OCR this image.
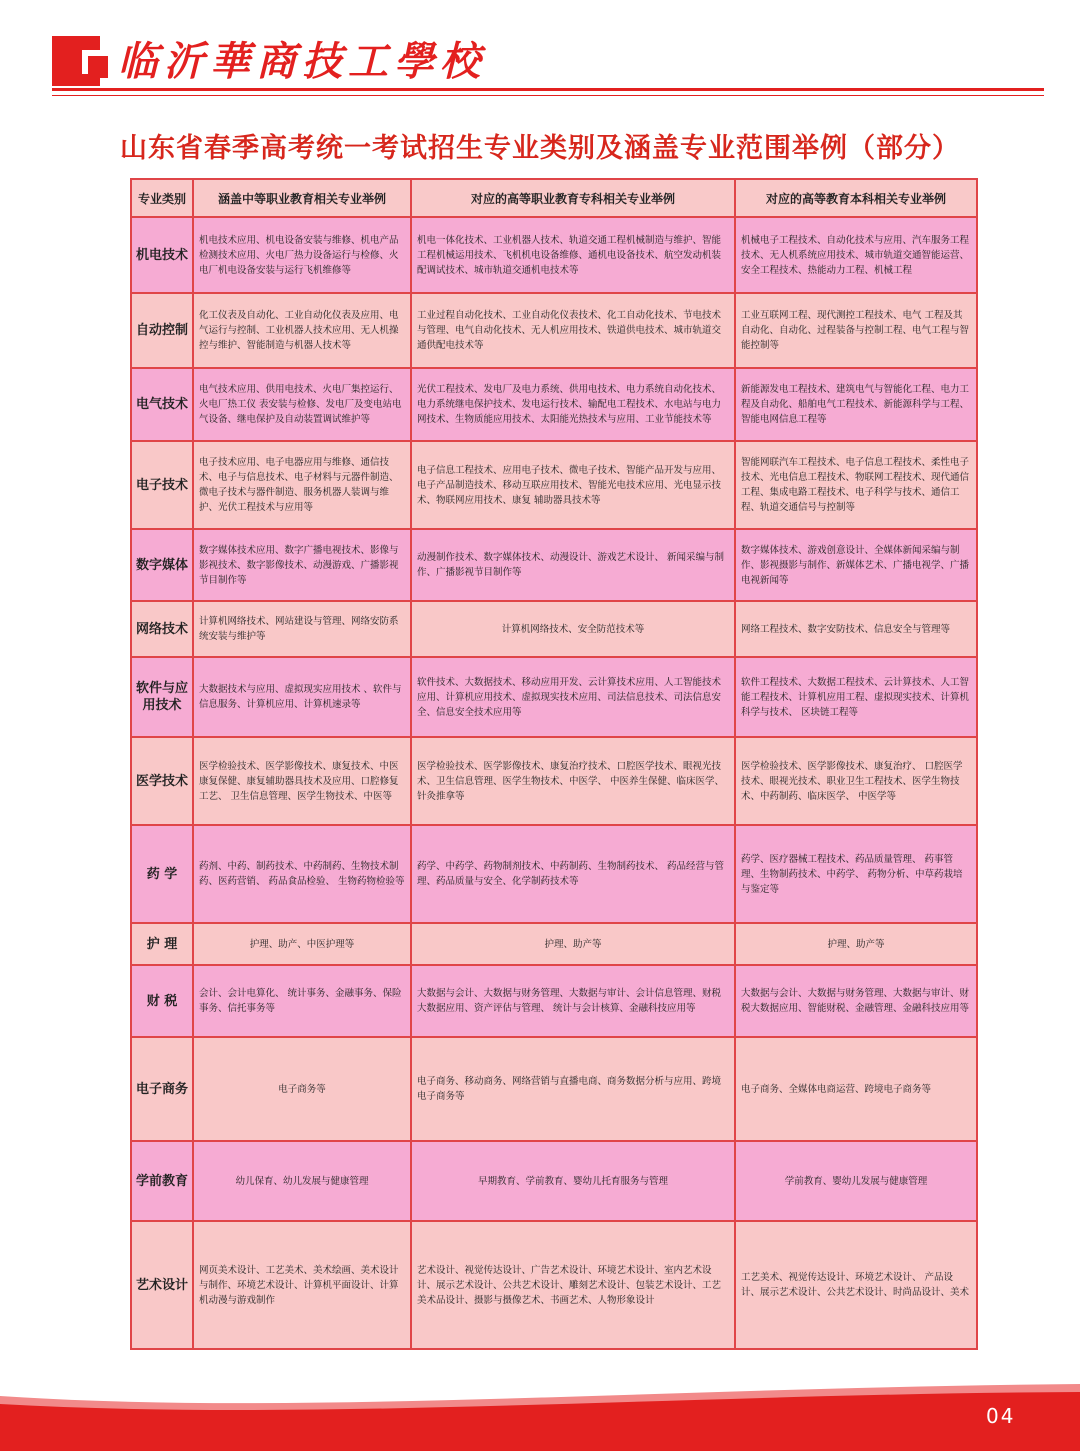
临沂華商技工學校
山东省春季高考统一考试招生专业类别及涵盖专业范围举例（部分）
专业类别	涵盖中等职业教育相关专业举例	对应的高等职业教育专科相关专业举例	对应的高等教育本科相关专业举例
机电技术	机电技术应用、机电设备安装与维修、机电产品检测技术应用、火电厂热力设备运行与检修、火电厂机电设备安装与运行飞机维修等	机电一体化技术、工业机器人技术、轨道交通工程机械制造与维护、智能工程机械运用技术、飞机机电设备维修、通机电设备技术、航空发动机装配调试技术、城市轨道交通机电技术等	机械电子工程技术、自动化技术与应用、汽车服务工程技术、无人机系统应用技术、城市轨道交通智能运营、安全工程技术、热能动力工程、机械工程
自动控制	化工仪表及自动化、工业自动化仪表及应用、电气运行与控制、工业机器人技术应用、无人机操控与维护、智能制造与机器人技术等	工业过程自动化技术、工业自动化仪表技术、化工自动化技术、节电技术与管理、电气自动化技术、无人机应用技术、铁道供电技术、城市轨道交通供配电技术等	工业互联网工程、现代测控工程技术、电气 工程及其自动化、自动化、过程装备与控制工程、电气工程与智能控制等
电气技术	电气技术应用、供用电技术、火电厂集控运行、火电厂热工仪 表安装与检修、发电厂及变电站电气设备、继电保护及自动装置调试维护等	光伏工程技术、发电厂及电力系统、供用电技术、电力系统自动化技术、电力系统继电保护技术、发电运行技术、输配电工程技术、水电站与电力网技术、生物质能应用技术、太阳能光热技术与应用、工业节能技术等	新能源发电工程技术、建筑电气与智能化工程、电力工程及自动化、船舶电气工程技术、新能源科学与工程、智能电网信息工程等
电子技术	电子技术应用、电子电器应用与维修、通信技术、电子与信息技术、电子材料与元器件制造、微电子技术与器件制造、服务机器人装调与维护、光伏工程技术与应用等	电子信息工程技术、应用电子技术、微电子技术、智能产品开发与应用、电子产品制造技术、移动互联应用技术、智能光电技术应用、光电显示技术、物联网应用技术、康复 辅助器具技术等	智能网联汽车工程技术、电子信息工程技术、柔性电子技术、光电信息工程技术、物联网工程技术、现代通信工程、集成电路工程技术、电子科学与技术、通信工程、轨道交通信号与控制等
数字媒体	数字媒体技术应用、数字广播电视技术、影像与影视技术、数字影像技术、动漫游戏、广播影视节目制作等	动漫制作技术、数字媒体技术、动漫设计、游戏艺术设计、 新闻采编与制作、广播影视节目制作等	数字媒体技术、游戏创意设计、全媒体新闻采编与制作、影视摄影与制作、新媒体艺术、广播电视学、广播电视新闻等
网络技术	计算机网络技术、网站建设与管理、网络安防系统安装与维护等	计算机网络技术、安全防范技术等	网络工程技术、数字安防技术、信息安全与管理等
软件与应用技术	大数据技术与应用、虚拟现实应用技术 、软件与信息服务、计算机应用、计算机速录等	软件技术、大数据技术、移动应用开发、云计算技术应用、人工智能技术应用、计算机应用技术、虚拟现实技术应用、司法信息技术、司法信息安全、信息安全技术应用等	软件工程技术、大数据工程技术、云计算技术、人工智能工程技术、计算机应用工程、虚拟现实技术、计算机科学与技术、 区块链工程等
医学技术	医学检验技术、医学影像技术、康复技术、中医康复保健、康复辅助器具技术及应用、口腔修复工艺、 卫生信息管理、医学生物技术、中医等	医学检验技术、医学影像技术、康复治疗技术、口腔医学技术、眼视光技术、卫生信息管理、医学生物技术、中医学、 中医养生保健、临床医学、针灸推拿等	医学检验技术、医学影像技术、康复治疗、 口腔医学技术、眼视光技术、职业卫生工程技术、医学生物技术、中药制药、临床医学、 中医学等
药 学	药剂、中药、制药技术、中药制药、生物技术制药、医药营销、 药品食品检验、 生物药物检验等	药学、中药学、药物制剂技术、中药制药、生物制药技术、 药品经营与管理、药品质量与安全、化学制药技术等	药学、医疗器械工程技术、药品质量管理、 药事管理、生物制药技术、中药学、 药物分析、中草药栽培与鉴定等
护 理	护理、助产、中医护理等	护理、助产等	护理、助产等
财 税	会计、会计电算化、 统计事务、金融事务、保险事务、信托事务等	大数据与会计、大数据与财务管理、大数据与审计、会计信息管理、财税大数据应用、资产评估与管理、 统计与会计核算、金融科技应用等	大数据与会计、大数据与财务管理、大数据与审计、财税大数据应用、智能财税、金融管理、金融科技应用等
电子商务	电子商务等	电子商务、移动商务、网络营销与直播电商、商务数据分析与应用、跨境电子商务等	电子商务、全媒体电商运营、跨境电子商务等
学前教育	幼儿保育、幼儿发展与健康管理	早期教育、学前教育、婴幼儿托育服务与管理	学前教育、婴幼儿发展与健康管理
艺术设计	网页美术设计、工艺美术、美术绘画、美术设计与制作、环境艺术设计、计算机平面设计、计算机动漫与游戏制作	艺术设计、视觉传达设计、广告艺术设计、环境艺术设计、室内艺术设计、展示艺术设计、公共艺术设计、雕刻艺术设计、包装艺术设计、工艺美术品设计、摄影与摄像艺术、书画艺术、人物形象设计	工艺美术、视觉传达设计、环境艺术设计、 产品设计、展示艺术设计、公共艺术设计、时尚品设计、美术
04
